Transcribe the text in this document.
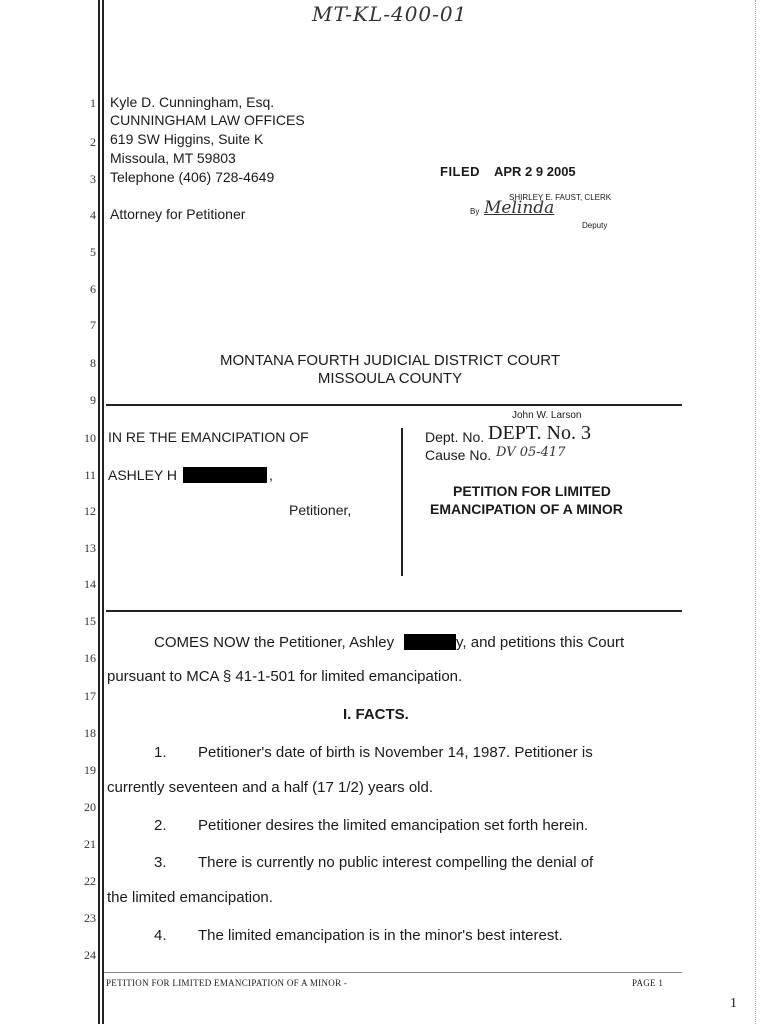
MT-KL-400-01
1
2
3
4
5
6
7
8
9
10
11
12
13
14
15
16
17
18
19
20
21
22
23
24
Kyle D. Cunningham, Esq.
CUNNINGHAM LAW OFFICES
619 SW Higgins, Suite K
Missoula, MT 59803
Telephone (406) 728-4649
Attorney for Petitioner
FILED APR 2 9 2005
SHIRLEY E. FAUST, CLERK
By Melinda
Deputy
MONTANA FOURTH JUDICIAL DISTRICT COURT
MISSOULA COUNTY
IN RE THE EMANCIPATION OF
ASHLEY H	,
Petitioner,
John W. Larson
Dept. No. DEPT. No. 3
Cause No. DV 05-417
PETITION FOR LIMITED
EMANCIPATION OF A MINOR
COMES NOW the Petitioner, Ashley	y, and petitions this Court
pursuant to MCA § 41-1-501 for limited emancipation.
I. FACTS.
1. Petitioner's date of birth is November 14, 1987. Petitioner is
currently seventeen and a half (17 1/2) years old.
2. Petitioner desires the limited emancipation set forth herein.
3. There is currently no public interest compelling the denial of
the limited emancipation.
4. The limited emancipation is in the minor's best interest.
PETITION FOR LIMITED EMANCIPATION OF A MINOR -	PAGE 1
1
